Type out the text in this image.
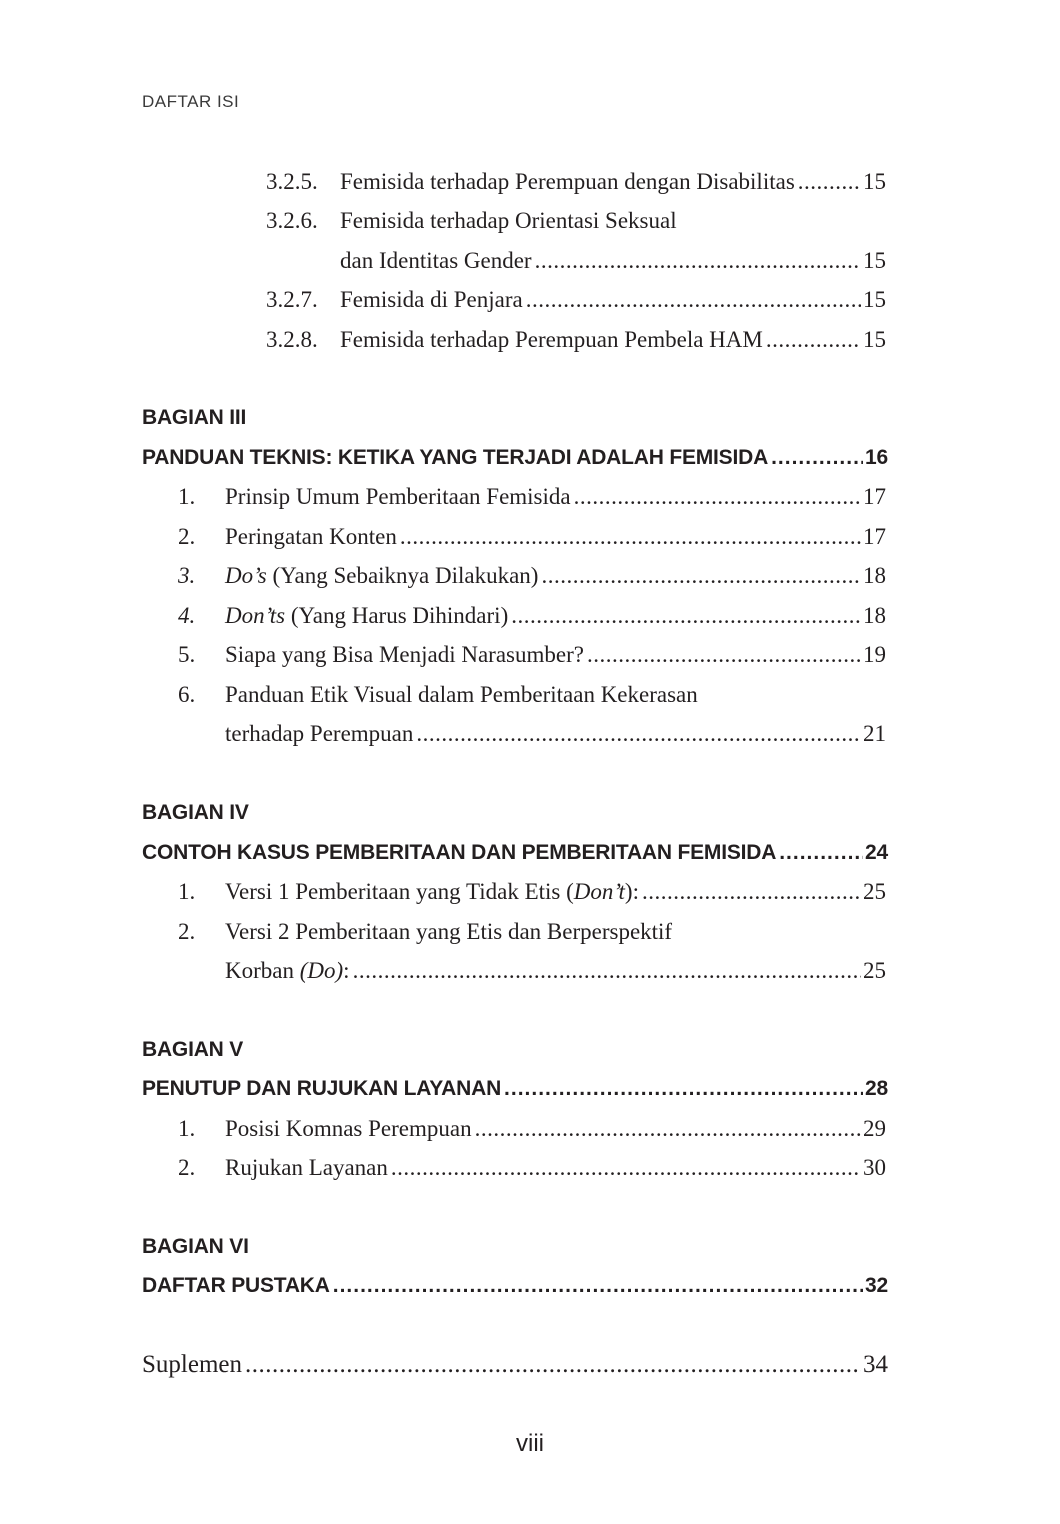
DAFTAR ISI
3.2.5. Femisida terhadap Perempuan dengan Disabilitas .....	15
3.2.6. Femisida terhadap Orientasi Seksual
dan Identitas Gender .....	15
3.2.7. Femisida di Penjara .....	15
3.2.8. Femisida terhadap Perempuan Pembela HAM .....	15
BAGIAN III
PANDUAN TEKNIS: KETIKA YANG TERJADI ADALAH FEMISIDA .....	16
1.	Prinsip Umum Pemberitaan Femisida .....	17
2.	Peringatan Konten .....	17
3.	Do’s (Yang Sebaiknya Dilakukan) .....	18
4.	Don’ts (Yang Harus Dihindari) .....	18
5.	Siapa yang Bisa Menjadi Narasumber? .....	19
6.	Panduan Etik Visual dalam Pemberitaan Kekerasan
terhadap Perempuan .....	21
BAGIAN IV
CONTOH KASUS PEMBERITAAN DAN PEMBERITAAN FEMISIDA .....	24
1.	Versi 1 Pemberitaan yang Tidak Etis (Don’t): .....	25
2.	Versi 2 Pemberitaan yang Etis dan Berperspektif
Korban (Do): .....	25
BAGIAN V
PENUTUP DAN RUJUKAN LAYANAN .....	28
1.	Posisi Komnas Perempuan .....	29
2.	Rujukan Layanan .....	30
BAGIAN VI
DAFTAR PUSTAKA .....	32
Suplemen .....	34
viii
